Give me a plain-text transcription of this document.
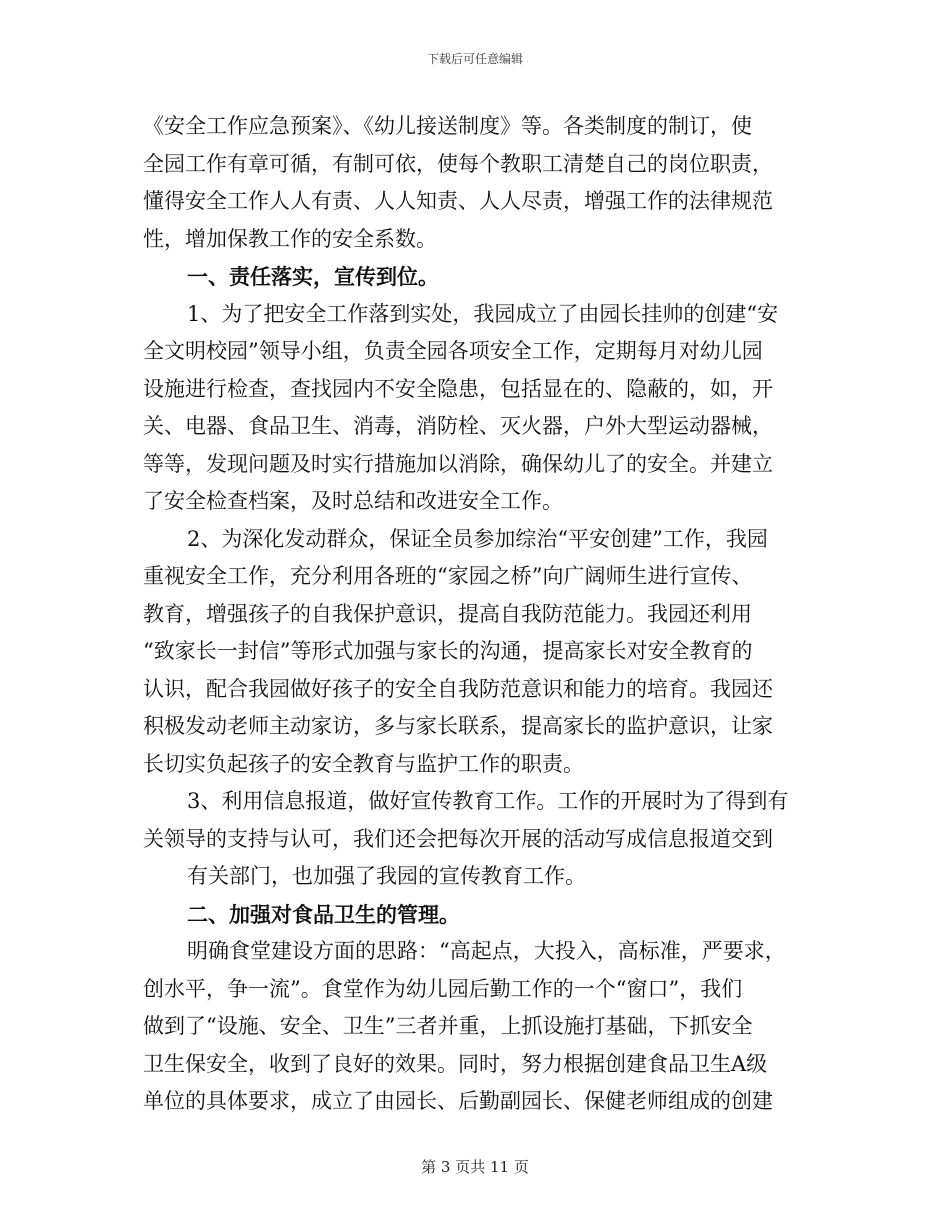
下载后可任意编辑
《安全工作应急预案》、《幼儿接送制度》等。各类制度的制订，使
全园工作有章可循，有制可依，使每个教职工清楚自己的岗位职责，
懂得安全工作人人有责、人人知责、人人尽责，增强工作的法律规范
性，增加保教工作的安全系数。
一、责任落实，宣传到位。
1、为了把安全工作落到实处，我园成立了由园长挂帅的创建“安
全文明校园”领导小组，负责全园各项安全工作，定期每月对幼儿园
设施进行检查，查找园内不安全隐患，包括显在的、隐蔽的，如，开
关、电器、食品卫生、消毒，消防栓、灭火器，户外大型运动器械，
等等，发现问题及时实行措施加以消除，确保幼儿了的安全。并建立
了安全检查档案，及时总结和改进安全工作。
2、为深化发动群众，保证全员参加综治“平安创建”工作，我园
重视安全工作，充分利用各班的“家园之桥”向广阔师生进行宣传、
教育，增强孩子的自我保护意识，提高自我防范能力。我园还利用
“致家长一封信”等形式加强与家长的沟通，提高家长对安全教育的
认识，配合我园做好孩子的安全自我防范意识和能力的培育。我园还
积极发动老师主动家访，多与家长联系，提高家长的监护意识，让家
长切实负起孩子的安全教育与监护工作的职责。
3、利用信息报道，做好宣传教育工作。工作的开展时为了得到有
关领导的支持与认可，我们还会把每次开展的活动写成信息报道交到
有关部门，也加强了我园的宣传教育工作。
二、加强对食品卫生的管理。
明确食堂建设方面的思路：“高起点，大投入，高标准，严要求，
创水平，争一流”。食堂作为幼儿园后勤工作的一个“窗口”，我们
做到了“设施、安全、卫生”三者并重，上抓设施打基础，下抓安全
卫生保安全，收到了良好的效果。同时，努力根据创建食品卫生A级
单位的具体要求，成立了由园长、后勤副园长、保健老师组成的创建
第 3 页共 11 页
